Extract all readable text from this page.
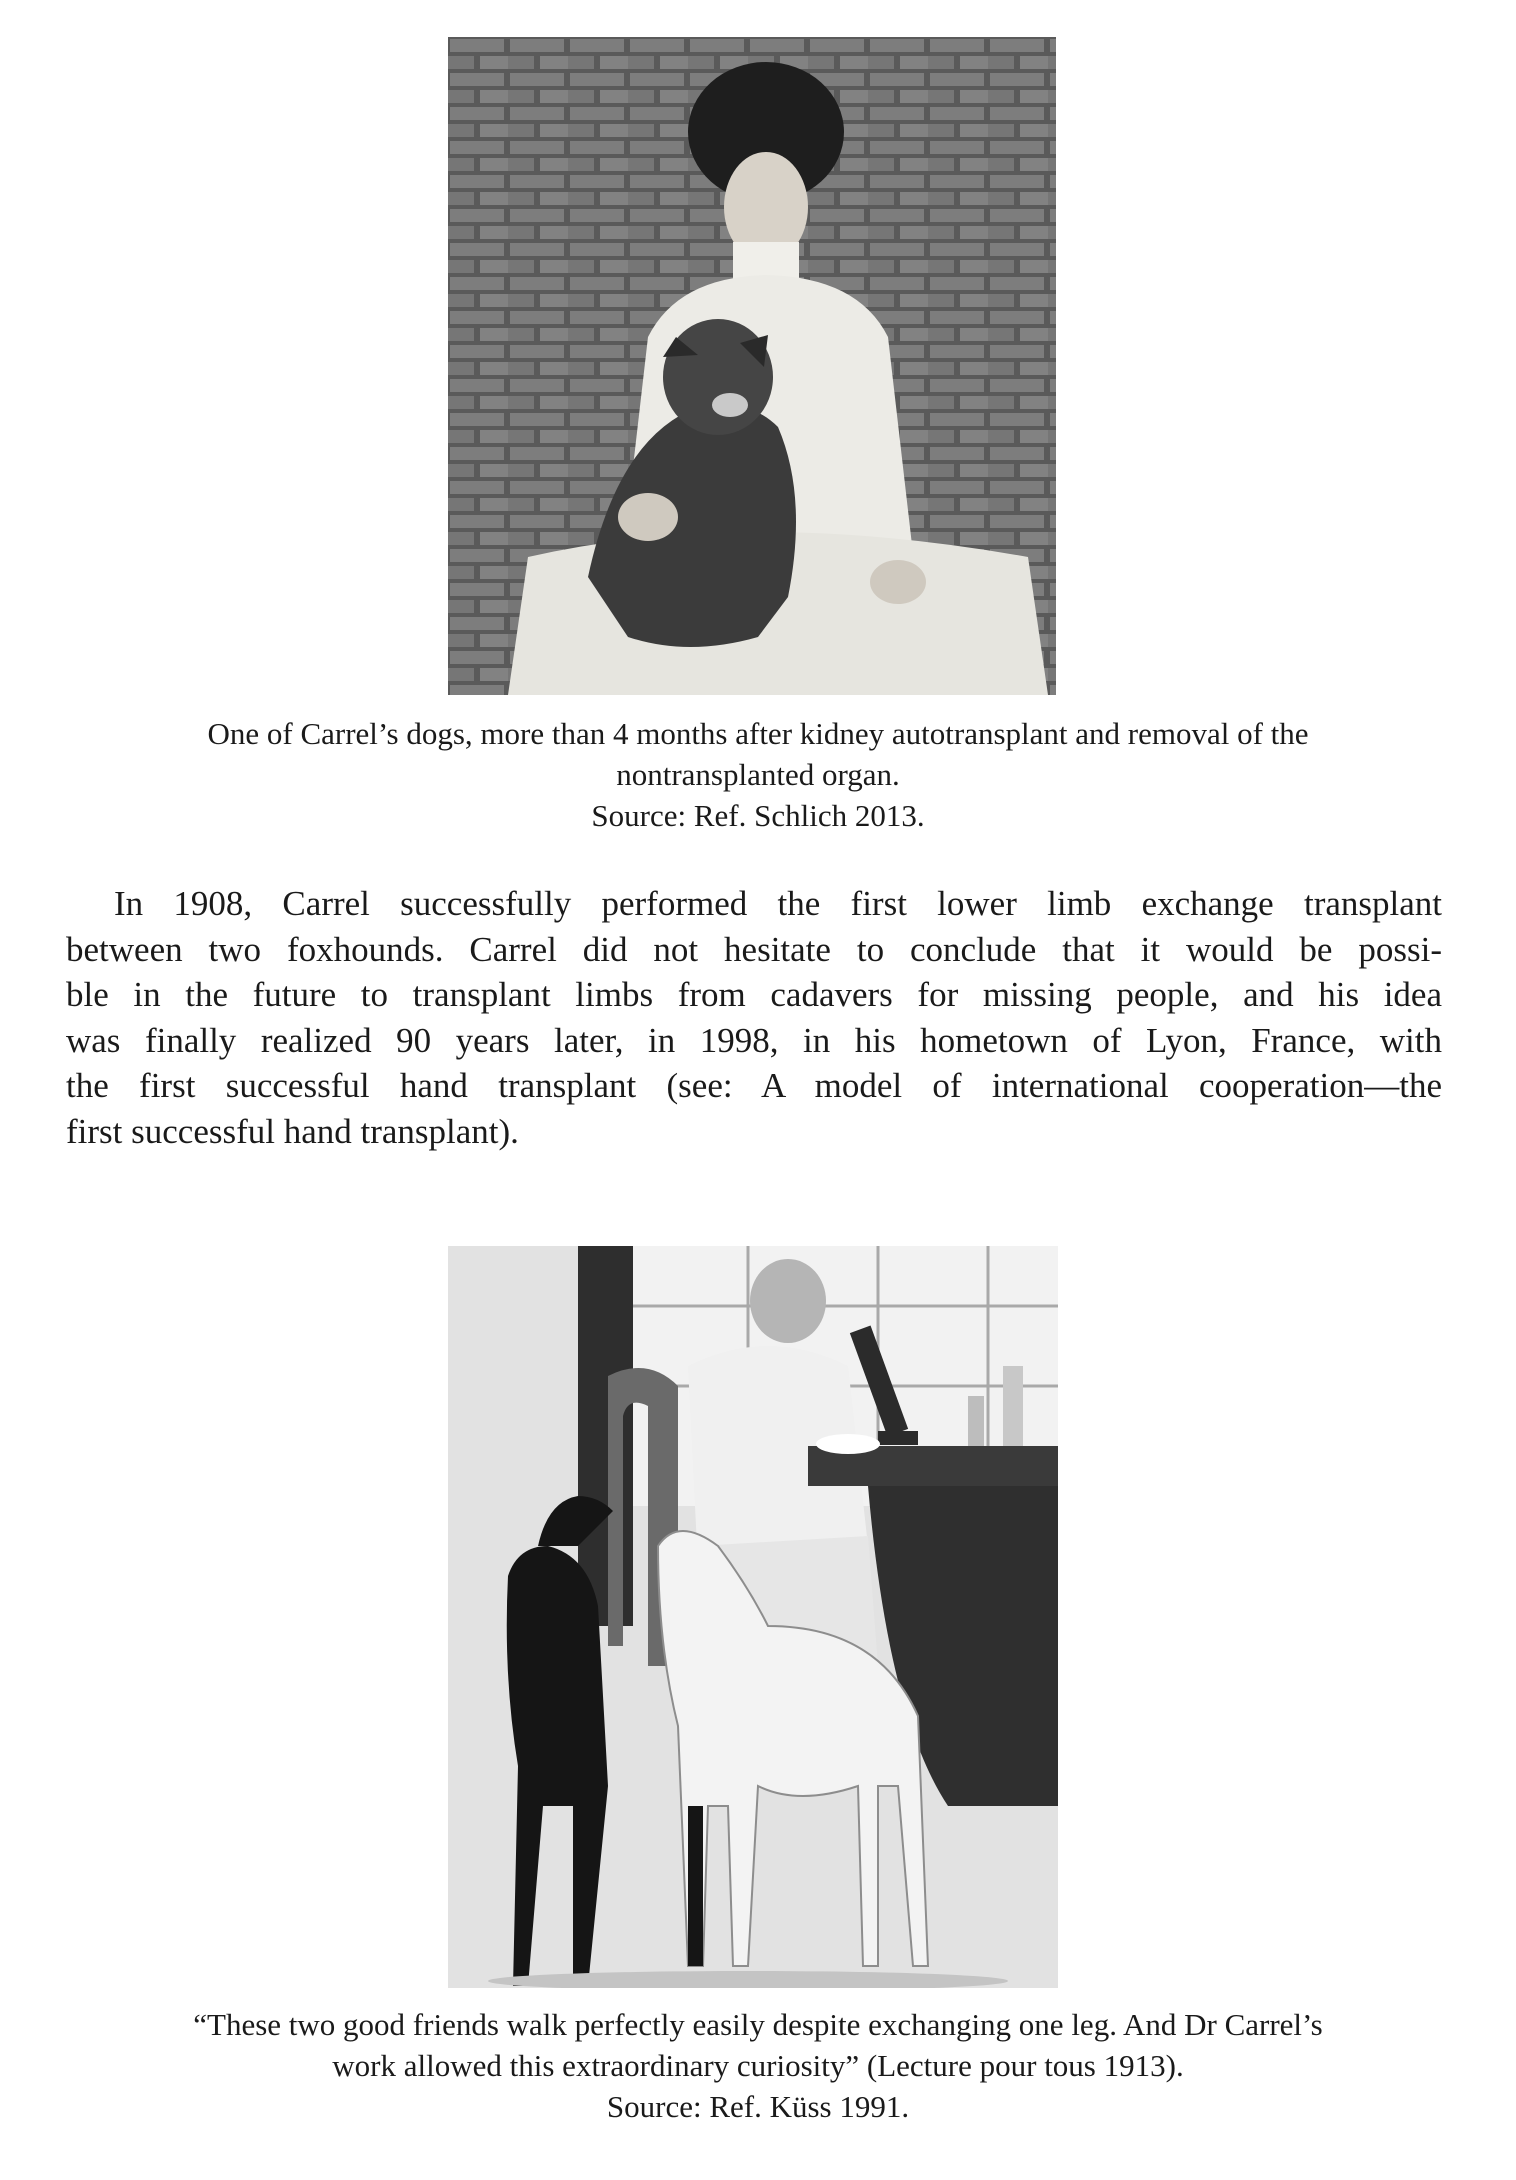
One of Carrel’s dogs, more than 4 months after kidney autotransplant and removal of the
nontransplanted organ.
Source: Ref. Schlich 2013.
In 1908, Carrel successfully performed the first lower limb exchange transplant
between two foxhounds. Carrel did not hesitate to conclude that it would be possi-
ble in the future to transplant limbs from cadavers for missing people, and his idea
was finally realized 90 years later, in 1998, in his hometown of Lyon, France, with
the first successful hand transplant (see: A model of international cooperation—the
first successful hand transplant).
“These two good friends walk perfectly easily despite exchanging one leg. And Dr Carrel’s
work allowed this extraordinary curiosity” (Lecture pour tous 1913).
Source: Ref. Küss 1991.
